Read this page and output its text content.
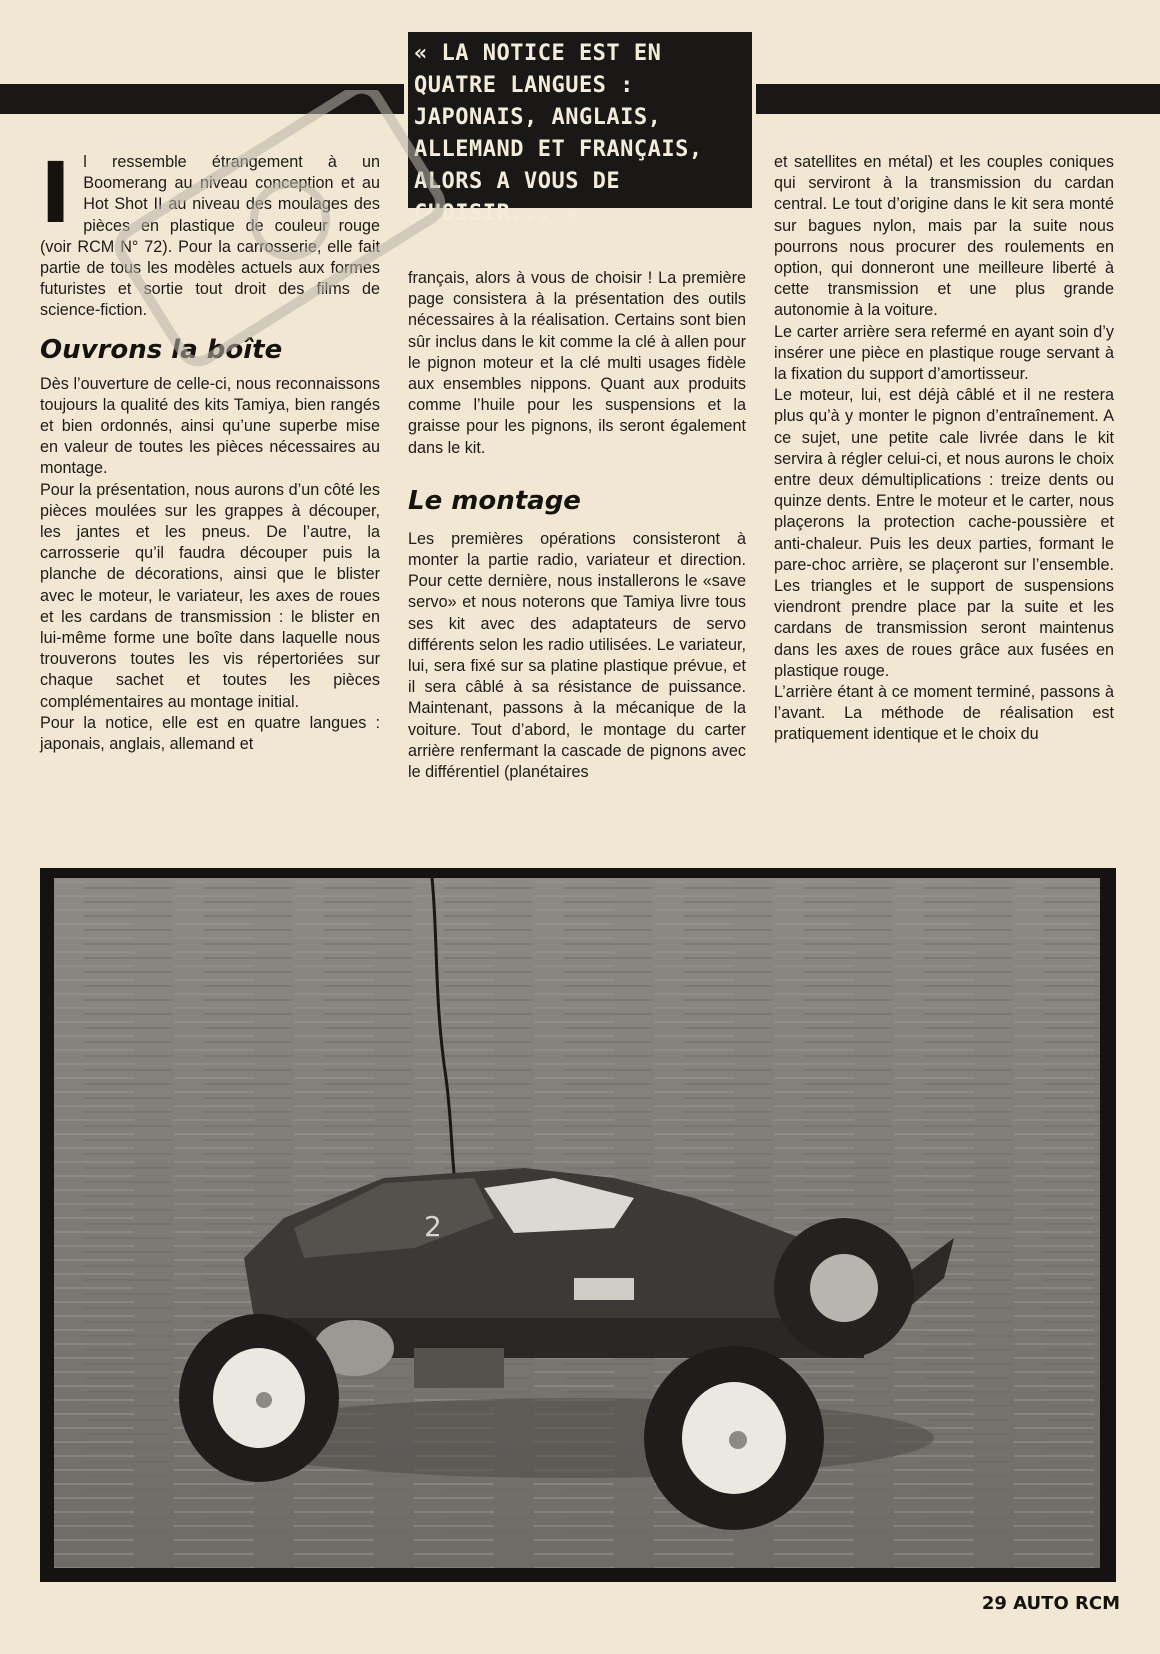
« LA NOTICE EST EN QUATRE LANGUES : JAPONAIS, ANGLAIS, ALLEMAND ET FRANÇAIS, ALORS A VOUS DE CHOISIR... »
I l ressemble étrangement à un Boomerang au niveau conception et au Hot Shot II au niveau des moulages des pièces en plastique de couleur rouge (voir RCM N° 72). Pour la carrosserie, elle fait partie de tous les modèles actuels aux formes futuristes et sortie tout droit des films de science-fiction.

Ouvrons la boîte

Dès l’ouverture de celle-ci, nous reconnaissons toujours la qualité des kits Tamiya, bien rangés et bien ordonnés, ainsi qu’une superbe mise en valeur de toutes les pièces nécessaires au montage.

Pour la présentation, nous aurons d’un côté les pièces moulées sur les grappes à découper, les jantes et les pneus. De l’autre, la carrosserie qu’il faudra découper puis la planche de décorations, ainsi que le blister avec le moteur, le variateur, les axes de roues et les cardans de transmission : le blister en lui-même forme une boîte dans laquelle nous trouverons toutes les vis répertoriées sur chaque sachet et toutes les pièces complémentaires au montage initial.

Pour la notice, elle est en quatre langues : japonais, anglais, allemand et

français, alors à vous de choisir ! La première page consistera à la présentation des outils nécessaires à la réalisation. Certains sont bien sûr inclus dans le kit comme la clé à allen pour le pignon moteur et la clé multi usages fidèle aux ensembles nippons. Quant aux produits comme l’huile pour les suspensions et la graisse pour les pignons, ils seront également dans le kit.

Le montage

Les premières opérations consisteront à monter la partie radio, variateur et direction. Pour cette dernière, nous installerons le «save servo» et nous noterons que Tamiya livre tous ses kit avec des adaptateurs de servo différents selon les radio utilisées. Le variateur, lui, sera fixé sur sa platine plastique prévue, et il sera câblé à sa résistance de puissance. Maintenant, passons à la mécanique de la voiture. Tout d’abord, le montage du carter arrière renfermant la cascade de pignons avec le différentiel (planétaires

et satellites en métal) et les couples coniques qui serviront à la transmission du cardan central. Le tout d’origine dans le kit sera monté sur bagues nylon, mais par la suite nous pourrons nous procurer des roulements en option, qui donneront une meilleure liberté à cette transmission et une plus grande autonomie à la voiture.

Le carter arrière sera refermé en ayant soin d’y insérer une pièce en plastique rouge servant à la fixation du support d’amortisseur.

Le moteur, lui, est déjà câblé et il ne restera plus qu’à y monter le pignon d’entraînement. A ce sujet, une petite cale livrée dans le kit servira à régler celui-ci, et nous aurons le choix entre deux démultiplications : treize dents ou quinze dents. Entre le moteur et le carter, nous plaçerons la protection cache-poussière et anti-chaleur. Puis les deux parties, formant le pare-choc arrière, se plaçeront sur l’ensemble. Les triangles et le support de suspensions viendront prendre place par la suite et les cardans de transmission seront maintenus dans les axes de roues grâce aux fusées en plastique rouge.

L’arrière étant à ce moment terminé, passons à l’avant. La méthode de réalisation est pratiquement identique et le choix du

2
29 AUTO RCM
